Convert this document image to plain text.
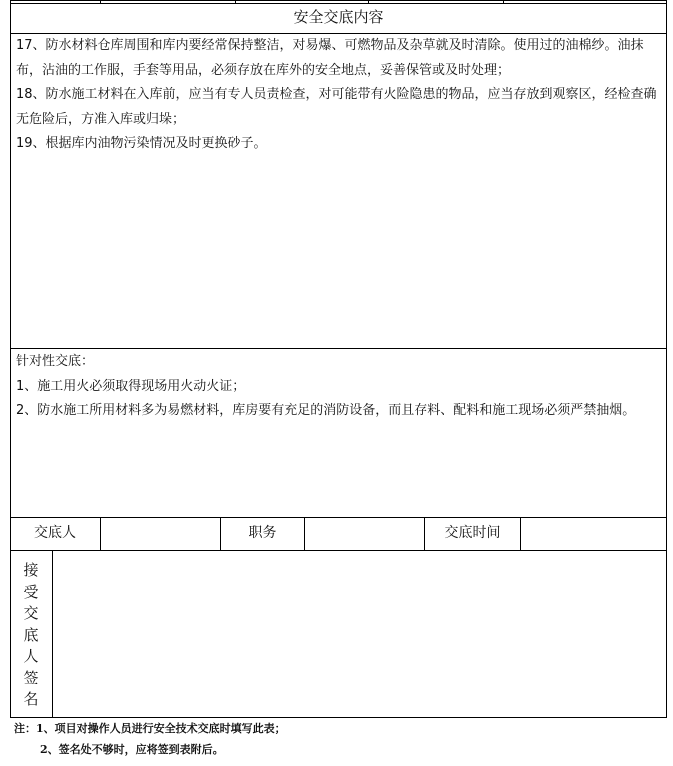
安全交底内容

17、防水材料仓库周围和库内要经常保持整洁，对易爆、可燃物品及杂草就及时清除。使用过的油棉纱。油抹布，沾油的工作服，手套等用品，必须存放在库外的安全地点，妥善保管或及时处理；

18、防水施工材料在入库前，应当有专人员责检查，对可能带有火险隐患的物品，应当存放到观察区，经检查确无危险后，方准入库或归垛；

19、根据库内油物污染情况及时更换砂子。

针对性交底：

1、施工用火必须取得现场用火动火证；

2、防水施工所用材料多为易燃材料，库房要有充足的消防设备，而且存料、配料和施工现场必须严禁抽烟。

交底人	职务	交底时间
接受交底人签名
注：1、项目对操作人员进行安全技术交底时填写此表；
2、签名处不够时，应将签到表附后。
